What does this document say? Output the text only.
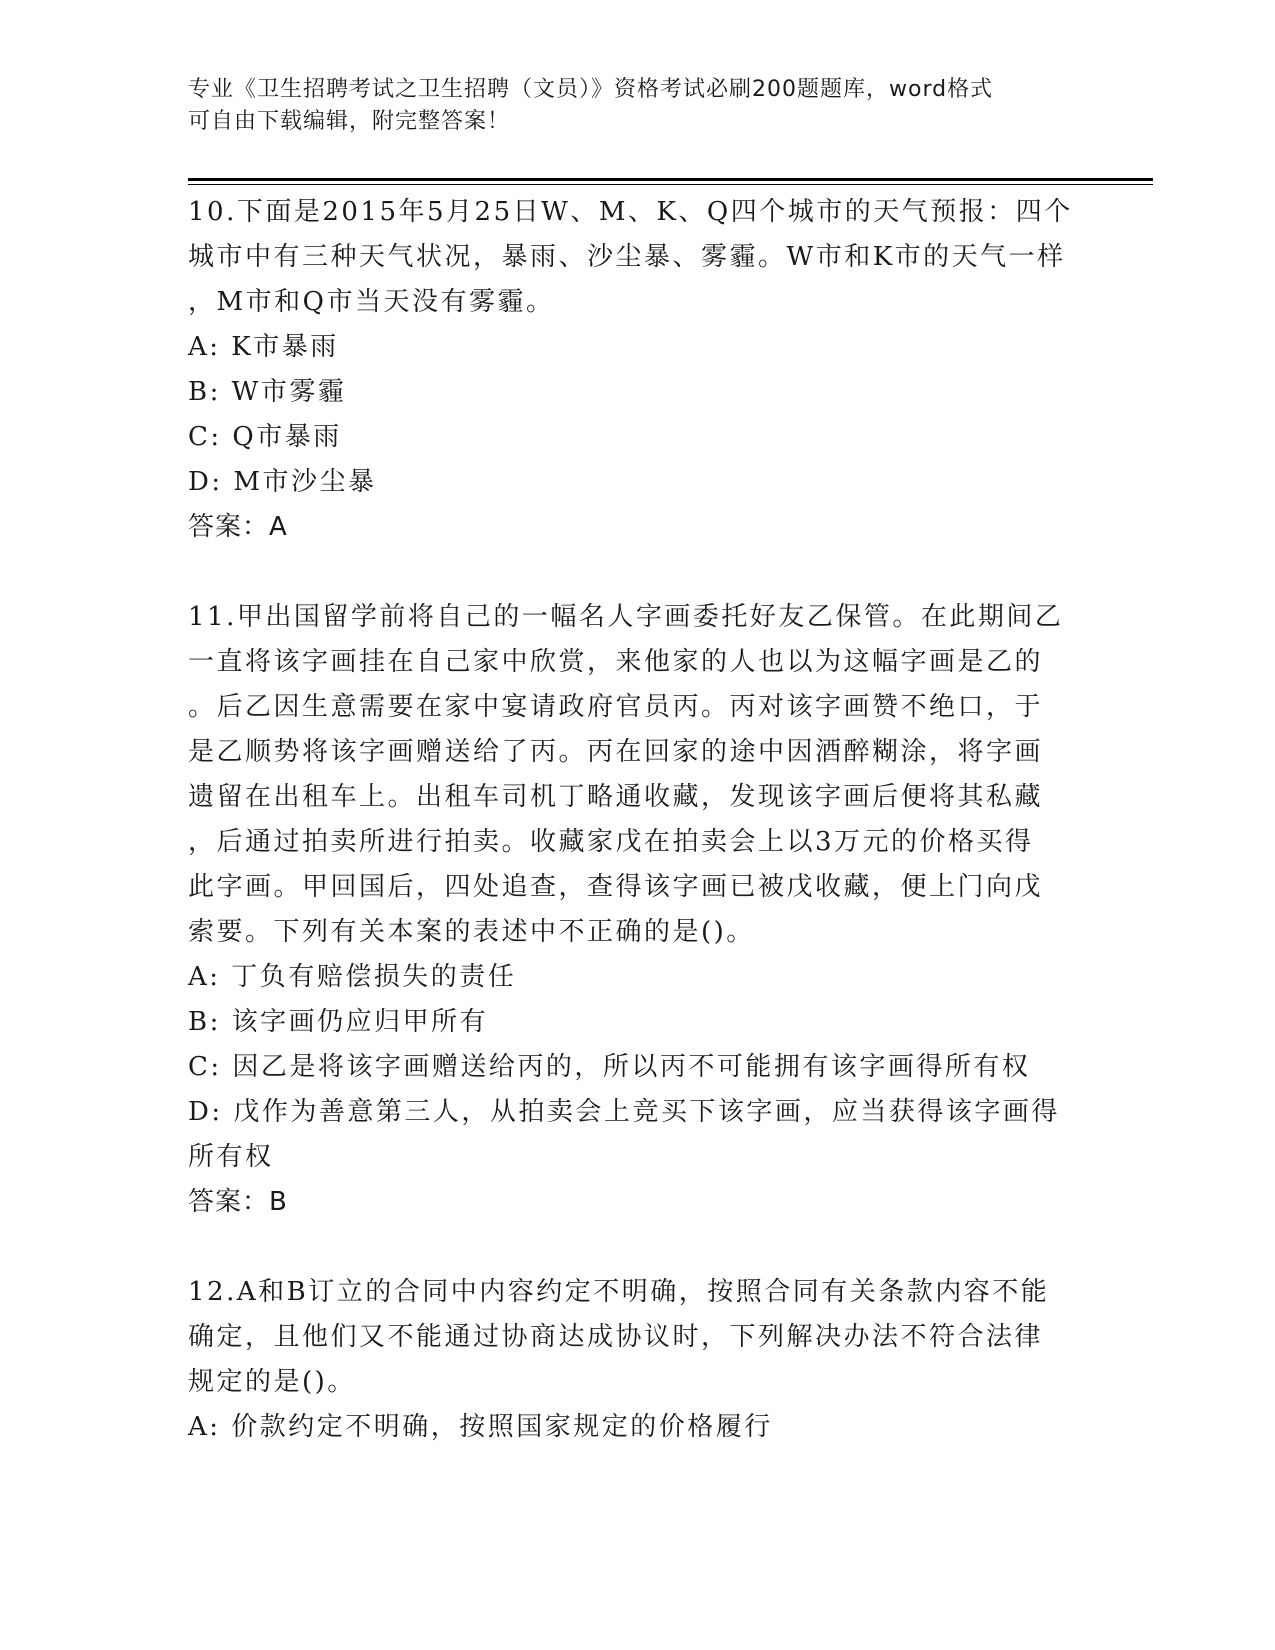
专业《卫生招聘考试之卫生招聘（文员）》资格考试必刷200题题库，word格式
可自由下载编辑，附完整答案！

10.下面是2015年5月25日W、M、K、Q四个城市的天气预报：四个

城市中有三种天气状况，暴雨、沙尘暴、雾霾。W市和K市的天气一样

，M市和Q市当天没有雾霾。

A: K市暴雨

B: W市雾霾

C: Q市暴雨

D: M市沙尘暴

答案：A

11.甲出国留学前将自己的一幅名人字画委托好友乙保管。在此期间乙

一直将该字画挂在自己家中欣赏，来他家的人也以为这幅字画是乙的

。后乙因生意需要在家中宴请政府官员丙。丙对该字画赞不绝口，于

是乙顺势将该字画赠送给了丙。丙在回家的途中因酒醉糊涂，将字画

遗留在出租车上。出租车司机丁略通收藏，发现该字画后便将其私藏

，后通过拍卖所进行拍卖。收藏家戊在拍卖会上以3万元的价格买得

此字画。甲回国后，四处追查，查得该字画已被戊收藏，便上门向戊

索要。下列有关本案的表述中不正确的是()。

A: 丁负有赔偿损失的责任

B: 该字画仍应归甲所有

C: 因乙是将该字画赠送给丙的，所以丙不可能拥有该字画得所有权

D: 戊作为善意第三人，从拍卖会上竞买下该字画，应当获得该字画得

所有权

答案：B

12.A和B订立的合同中内容约定不明确，按照合同有关条款内容不能

确定，且他们又不能通过协商达成协议时，下列解决办法不符合法律

规定的是()。

A: 价款约定不明确，按照国家规定的价格履行
